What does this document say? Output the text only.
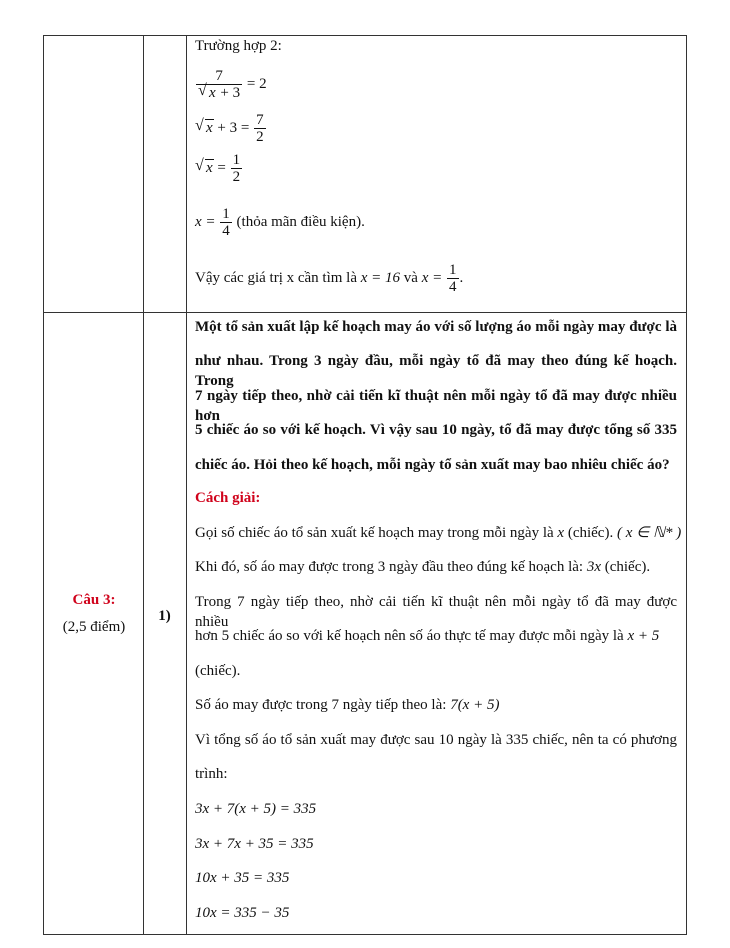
Trường hợp 2:
7
√ x + 3 = 2
√ $x + 3 = \frac{7}{2}$
√ $x = \frac{1}{2}$
$x = \frac{1}{4}$ (thỏa mãn điều kiện).
Vậy các giá trị x cần tìm là x = 16 và $x = \frac{1}{4}$ .
Câu 3:
(2,5 điểm)
1)
Một tổ sản xuất lập kế hoạch may áo với số lượng áo mỗi ngày may được là
như nhau. Trong 3 ngày đầu, mỗi ngày tổ đã may theo đúng kế hoạch. Trong
7 ngày tiếp theo, nhờ cải tiến kĩ thuật nên mỗi ngày tổ đã may được nhiều hơn
5 chiếc áo so với kế hoạch. Vì vậy sau 10 ngày, tổ đã may được tổng số 335
chiếc áo. Hỏi theo kế hoạch, mỗi ngày tổ sản xuất may bao nhiêu chiếc áo?
Cách giải:
Gọi số chiếc áo tổ sản xuất kế hoạch may trong mỗi ngày là x (chiếc). ( x ∈ ℕ* )
Khi đó, số áo may được trong 3 ngày đầu theo đúng kế hoạch là: 3x (chiếc).
Trong 7 ngày tiếp theo, nhờ cải tiến kĩ thuật nên mỗi ngày tổ đã may được nhiều
hơn 5 chiếc áo so với kế hoạch nên số áo thực tế may được mỗi ngày là x + 5
(chiếc).
Số áo may được trong 7 ngày tiếp theo là: 7(x + 5)
Vì tổng số áo tổ sản xuất may được sau 10 ngày là 335 chiếc, nên ta có phương
trình:
3x + 7(x + 5) = 335
3x + 7x + 35 = 335
10x + 35 = 335
10x = 335 − 35
